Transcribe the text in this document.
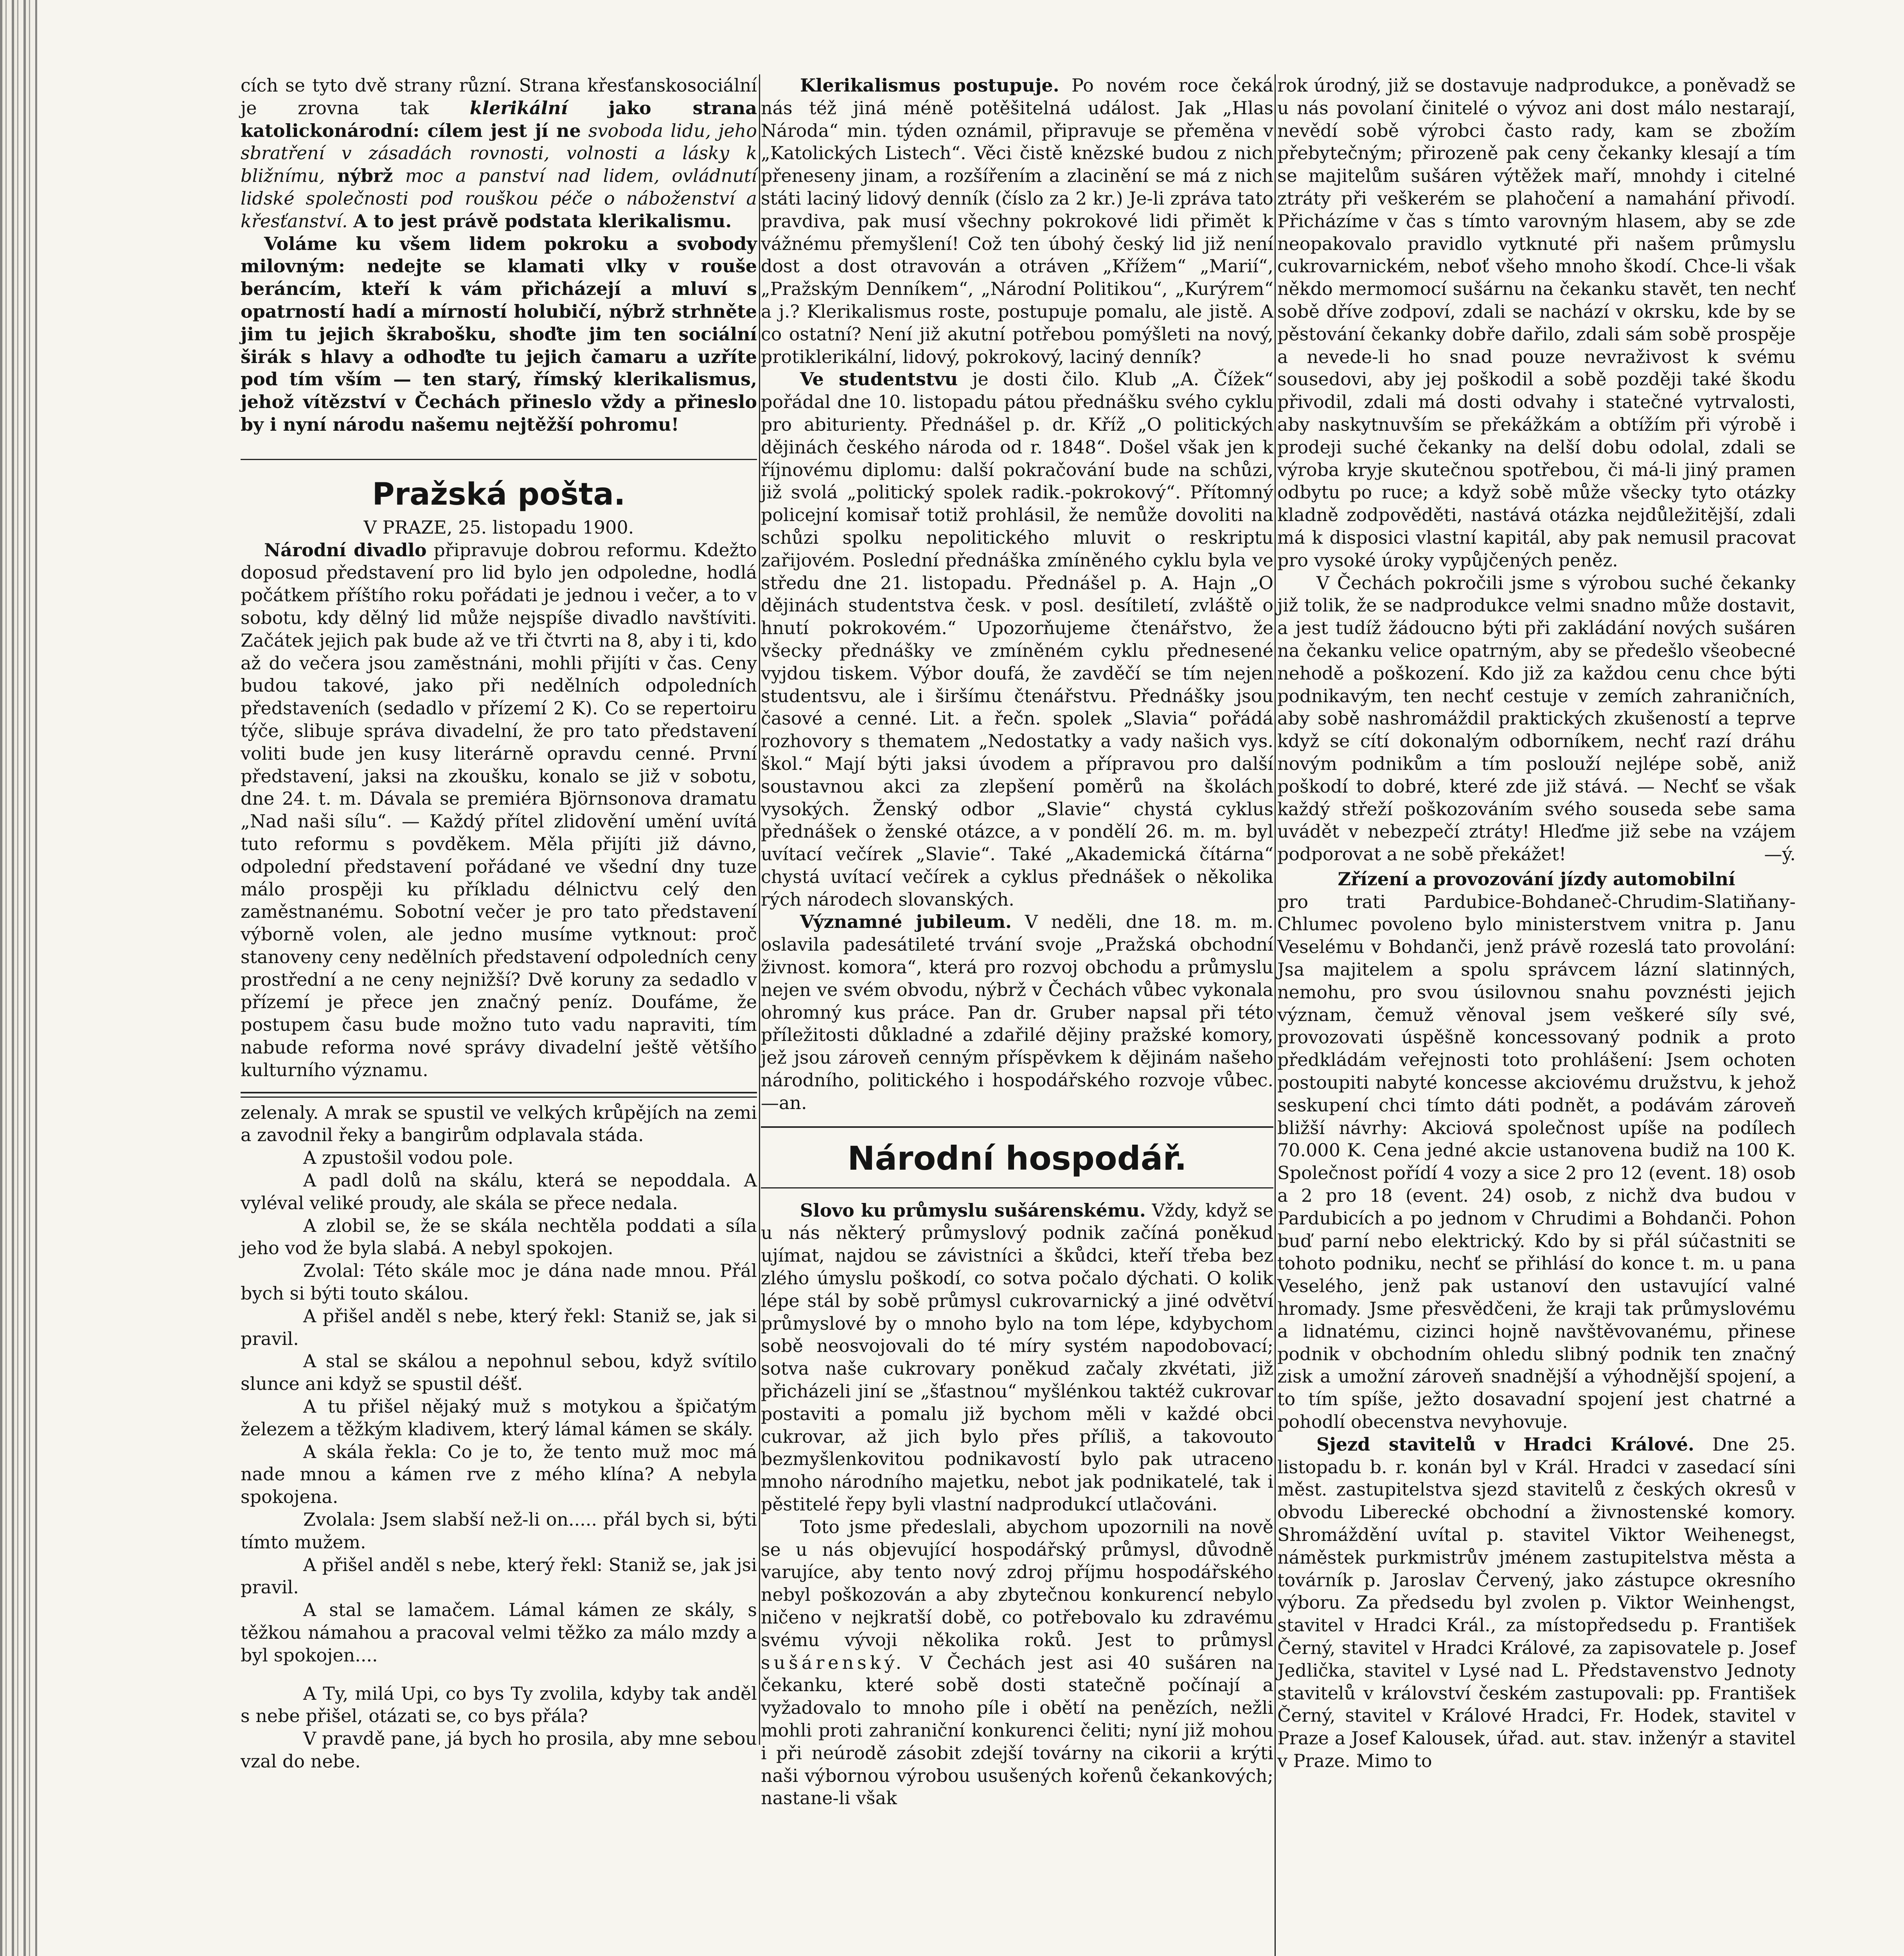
cích se tyto dvě strany různí. Strana křesťanskosociální je zrovna tak klerikální jako strana katolickonárodní: cílem jest jí ne svoboda lidu, jeho sbratření v zásadách rovnosti, volnosti a lásky k bližnímu, nýbrž moc a panství nad lidem, ovládnutí lidské společnosti pod rouškou péče o náboženství a křesťanství. A to jest právě podstata klerikalismu.

Voláme ku všem lidem pokroku a svobody milovným: nedejte se klamati vlky v rouše beráncím, kteří k vám přicházejí a mluví s opatrností hadí a mírností holubičí, nýbrž strhněte jim tu jejich škrabošku, shoďte jim ten sociální širák s hlavy a odhoďte tu jejich čamaru a uzříte pod tím vším — ten starý, římský klerikalismus, jehož vítězství v Čechách přineslo vždy a přineslo by i nyní národu našemu nejtěžší pohromu!

Pražská pošta.

V PRAZE, 25. listopadu 1900.

Národní divadlo připravuje dobrou reformu. Kdežto doposud představení pro lid bylo jen odpoledne, hodlá počátkem příštího roku pořádati je jednou i večer, a to v sobotu, kdy dělný lid může nejspíše divadlo navštíviti. Začátek jejich pak bude až ve tři čtvrti na 8, aby i ti, kdo až do večera jsou zaměstnáni, mohli přijíti v čas. Ceny budou takové, jako při nedělních odpoledních představeních (sedadlo v přízemí 2 K). Co se repertoiru týče, slibuje správa divadelní, že pro tato představení voliti bude jen kusy literárně opravdu cenné. První představení, jaksi na zkoušku, konalo se již v sobotu, dne 24. t. m. Dávala se premiéra Björnsonova dramatu „Nad naši sílu“. — Každý přítel zlidovění umění uvítá tuto reformu s povděkem. Měla přijíti již dávno, odpolední představení pořádané ve všední dny tuze málo prospěji ku příkladu délnictvu celý den zaměstnanému. Sobotní večer je pro tato představení výborně volen, ale jedno musíme vytknout: proč stanoveny ceny nedělních představení odpoledních ceny prostřední a ne ceny nejnižší? Dvě koruny za sedadlo v přízemí je přece jen značný peníz. Doufáme, že postupem času bude možno tuto vadu napraviti, tím nabude reforma nové správy divadelní ještě většího kulturního významu.

zelenaly. A mrak se spustil ve velkých krůpějích na zemi a zavodnil řeky a bangirům odplavala stáda.

A zpustošil vodou pole.

A padl dolů na skálu, která se nepoddala. A vyléval veliké proudy, ale skála se přece nedala.

A zlobil se, že se skála nechtěla poddati a síla jeho vod že byla slabá. A nebyl spokojen.

Zvolal: Této skále moc je dána nade mnou. Přál bych si býti touto skálou.

A přišel anděl s nebe, který řekl: Staniž se, jak si pravil.

A stal se skálou a nepohnul sebou, když svítilo slunce ani když se spustil déšť.

A tu přišel nějaký muž s motykou a špičatým železem a těžkým kladivem, který lámal kámen se skály.

A skála řekla: Co je to, že tento muž moc má nade mnou a kámen rve z mého klína? A nebyla spokojena.

Zvolala: Jsem slabší než-li on..... přál bych si, býti tímto mužem.

A přišel anděl s nebe, který řekl: Staniž se, jak jsi pravil.

A stal se lamačem. Lámal kámen ze skály, s těžkou námahou a pracoval velmi těžko za málo mzdy a byl spokojen....

A Ty, milá Upi, co bys Ty zvolila, kdyby tak anděl s nebe přišel, otázati se, co bys přála?

V pravdě pane, já bych ho prosila, aby mne sebou vzal do nebe.

Klerikalismus postupuje. Po novém roce čeká nás též jiná méně potěšitelná událost. Jak „Hlas Národa“ min. týden oznámil, připravuje se přeměna v „Katolických Listech“. Věci čistě knězské budou z nich přeneseny jinam, a rozšířením a zlacinění se má z nich státi laciný lidový denník (číslo za 2 kr.) Je-li zpráva tato pravdiva, pak musí všechny pokrokové lidi přimět k vážnému přemyšlení! Což ten úbohý český lid již není dost a dost otravován a otráven „Křížem“ „Marií“, „Pražským Denníkem“, „Národní Politikou“, „Kurýrem“ a j.? Klerikalismus roste, postupuje pomalu, ale jistě. A co ostatní? Není již akutní potřebou pomýšleti na nový, protiklerikální, lidový, pokrokový, laciný denník?

Ve studentstvu je dosti čilo. Klub „A. Čížek“ pořádal dne 10. listopadu pátou přednášku svého cyklu pro abiturienty. Přednášel p. dr. Kříž „O politických dějinách českého národa od r. 1848“. Došel však jen k říjnovému diplomu: další pokračování bude na schůzi, již svolá „politický spolek radik.-pokrokový“. Přítomný policejní komisař totiž prohlásil, že nemůže dovoliti na schůzi spolku nepolitického mluvit o reskriptu zařijovém. Poslední přednáška zmíněného cyklu byla ve středu dne 21. listopadu. Přednášel p. A. Hajn „O dějinách studentstva česk. v posl. desítiletí, zvláště o hnutí pokrokovém.“ Upozorňujeme čtenářstvo, že všecky přednášky ve zmíněném cyklu přednesené vyjdou tiskem. Výbor doufá, že zavděčí se tím nejen studentsvu, ale i širšímu čtenářstvu. Přednášky jsou časové a cenné. Lit. a řečn. spolek „Slavia“ pořádá rozhovory s thematem „Nedostatky a vady našich vys. škol.“ Mají býti jaksi úvodem a přípravou pro další soustavnou akci za zlepšení poměrů na školách vysokých. Ženský odbor „Slavie“ chystá cyklus přednášek o ženské otázce, a v pondělí 26. m. m. byl uvítací večírek „Slavie“. Také „Akademická čítárna“ chystá uvítací večírek a cyklus přednášek o několika rých národech slovanských.

Významné jubileum. V neděli, dne 18. m. m. oslavila padesátileté trvání svoje „Pražská obchodní živnost. komora“, která pro rozvoj obchodu a průmyslu nejen ve svém obvodu, nýbrž v Čechách vůbec vykonala ohromný kus práce. Pan dr. Gruber napsal při této příležitosti důkladné a zdařilé dějiny pražské komory, jež jsou zároveň cenným příspěvkem k dějinám našeho národního, politického i hospodářského rozvoje vůbec. —an.

Národní hospodář.

Slovo ku průmyslu sušárenskému. Vždy, když se u nás některý průmyslový podnik začíná poněkud ujímat, najdou se závistníci a škůdci, kteří třeba bez zlého úmyslu poškodí, co sotva počalo dýchati. O kolik lépe stál by sobě průmysl cukrovarnický a jiné odvětví průmyslové by o mnoho bylo na tom lépe, kdybychom sobě neosvojovali do té míry systém napodobovací; sotva naše cukrovary poněkud začaly zkvétati, již přicházeli jiní se „šťastnou“ myšlénkou taktéž cukrovar postaviti a pomalu již bychom měli v každé obci cukrovar, až jich bylo přes příliš, a takovouto bezmyšlenkovitou podnikavostí bylo pak utraceno mnoho národního majetku, nebot jak podnikatelé, tak i pěstitelé řepy byli vlastní nadprodukcí utlačováni.

Toto jsme předeslali, abychom upozornili na nově se u nás objevující hospodářský průmysl, důvodně varujíce, aby tento nový zdroj příjmu hospodářského nebyl poškozován a aby zbytečnou konkurencí nebylo ničeno v nejkratší době, co potřebovalo ku zdravému svému vývoji několika roků. Jest to průmysl sušárenský. V Čechách jest asi 40 sušáren na čekanku, které sobě dosti statečně počínají a vyžadovalo to mnoho píle i obětí na penězích, nežli mohli proti zahraniční konkurenci čeliti; nyní již mohou i při neúrodě zásobit zdejší továrny na cikorii a krýti naši výbornou výrobou usušených kořenů čekankových; nastane-li však

rok úrodný, již se dostavuje nadprodukce, a poněvadž se u nás povolaní činitelé o vývoz ani dost málo nestarají, nevědí sobě výrobci často rady, kam se zbožím přebytečným; přirozeně pak ceny čekanky klesají a tím se majitelům sušáren výtěžek maří, mnohdy i citelné ztráty při veškerém se plahočení a namahání přivodí. Přicházíme v čas s tímto varovným hlasem, aby se zde neopakovalo pravidlo vytknuté při našem průmyslu cukrovarnickém, neboť všeho mnoho škodí. Chce-li však někdo mermomocí sušárnu na čekanku stavět, ten nechť sobě dříve zodpoví, zdali se nachází v okrsku, kde by se pěstování čekanky dobře dařilo, zdali sám sobě prospěje a nevede-li ho snad pouze nevraživost k svému sousedovi, aby jej poškodil a sobě později také škodu přivodil, zdali má dosti odvahy i statečné vytrvalosti, aby naskytnuvším se překážkám a obtížím při výrobě i prodeji suché čekanky na delší dobu odolal, zdali se výroba kryje skutečnou spotřebou, či má-li jiný pramen odbytu po ruce; a když sobě může všecky tyto otázky kladně zodpověděti, nastává otázka nejdůležitější, zdali má k disposici vlastní kapitál, aby pak nemusil pracovat pro vysoké úroky vypůjčených peněz.

V Čechách pokročili jsme s výrobou suché čekanky již tolik, že se nadprodukce velmi snadno může dostavit, a jest tudíž žádoucno býti při zakládání nových sušáren na čekanku velice opatrným, aby se předešlo všeobecné nehodě a poškození. Kdo již za každou cenu chce býti podnikavým, ten nechť cestuje v zemích zahraničních, aby sobě nashromáždil praktických zkušeností a teprve když se cítí dokonalým odborníkem, nechť razí dráhu novým podnikům a tím poslouží nejlépe sobě, aniž poškodí to dobré, které zde již stává. — Nechť se však každý střeží poškozováním svého souseda sebe sama uvádět v nebezpečí ztráty! Hleďme již sebe na vzájem podporovat a ne sobě překážet!	—ý.

Zřízení a provozování jízdy automobilní

pro trati Pardubice-Bohdaneč-Chrudim-Slatiňany-Chlumec povoleno bylo ministerstvem vnitra p. Janu Veselému v Bohdanči, jenž právě rozeslá tato provolání: Jsa majitelem a spolu správcem lázní slatinných, nemohu, pro svou úsilovnou snahu povznésti jejich význam, čemuž věnoval jsem veškeré síly své, provozovati úspěšně koncessovaný podnik a proto předkládám veřejnosti toto prohlášení: Jsem ochoten postoupiti nabyté koncesse akciovému družstvu, k jehož seskupení chci tímto dáti podnět, a podávám zároveň bližší návrhy: Akciová společnost upíše na podílech 70.000 K. Cena jedné akcie ustanovena budiž na 100 K. Společnost pořídí 4 vozy a sice 2 pro 12 (event. 18) osob a 2 pro 18 (event. 24) osob, z nichž dva budou v Pardubicích a po jednom v Chrudimi a Bohdanči. Pohon buď parní nebo elektrický. Kdo by si přál súčastniti se tohoto podniku, nechť se přihlásí do konce t. m. u pana Veselého, jenž pak ustanoví den ustavující valné hromady. Jsme přesvědčeni, že kraji tak průmyslovému a lidnatému, cizinci hojně navštěvovanému, přinese podnik v obchodním ohledu slibný podnik ten značný zisk a umožní zároveň snadnější a výhodnější spojení, a to tím spíše, ježto dosavadní spojení jest chatrné a pohodlí obecenstva nevyhovuje.

Sjezd stavitelů v Hradci Králové. Dne 25. listopadu b. r. konán byl v Král. Hradci v zasedací síni měst. zastupitelstva sjezd stavitelů z českých okresů v obvodu Liberecké obchodní a živnostenské komory. Shromáždění uvítal p. stavitel Viktor Weihenegst, náměstek purkmistrův jménem zastupitelstva města a továrník p. Jaroslav Červený, jako zástupce okresního výboru. Za předsedu byl zvolen p. Viktor Weinhengst, stavitel v Hradci Král., za místopředsedu p. František Černý, stavitel v Hradci Králové, za zapisovatele p. Josef Jedlička, stavitel v Lysé nad L. Představenstvo Jednoty stavitelů v království českém zastupovali: pp. František Černý, stavitel v Králové Hradci, Fr. Hodek, stavitel v Praze a Josef Kalousek, úřad. aut. stav. inženýr a stavitel v Praze. Mimo to
